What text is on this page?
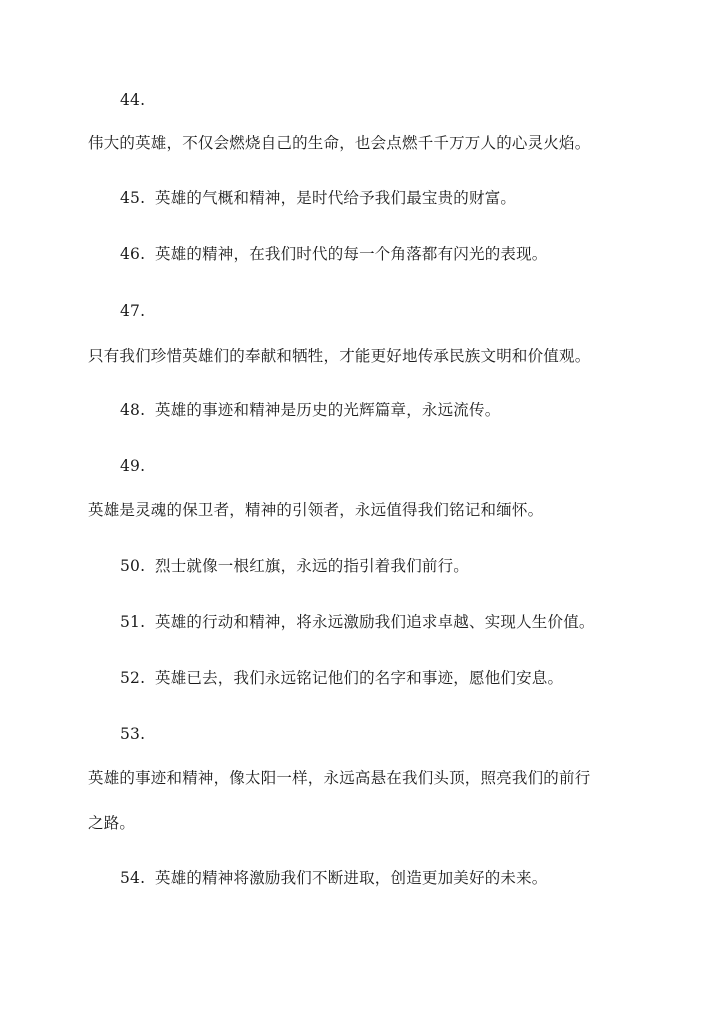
44.
伟大的英雄，不仅会燃烧自己的生命，也会点燃千千万万人的心灵火焰。
45. 英雄的气概和精神，是时代给予我们最宝贵的财富。
46. 英雄的精神，在我们时代的每一个角落都有闪光的表现。
47.
只有我们珍惜英雄们的奉献和牺牲，才能更好地传承民族文明和价值观。
48. 英雄的事迹和精神是历史的光辉篇章，永远流传。
49.
英雄是灵魂的保卫者，精神的引领者，永远值得我们铭记和缅怀。
50. 烈士就像一根红旗，永远的指引着我们前行。
51. 英雄的行动和精神，将永远激励我们追求卓越、实现人生价值。
52. 英雄已去，我们永远铭记他们的名字和事迹，愿他们安息。
53.
英雄的事迹和精神，像太阳一样，永远高悬在我们头顶，照亮我们的前行
之路。
54. 英雄的精神将激励我们不断进取，创造更加美好的未来。
